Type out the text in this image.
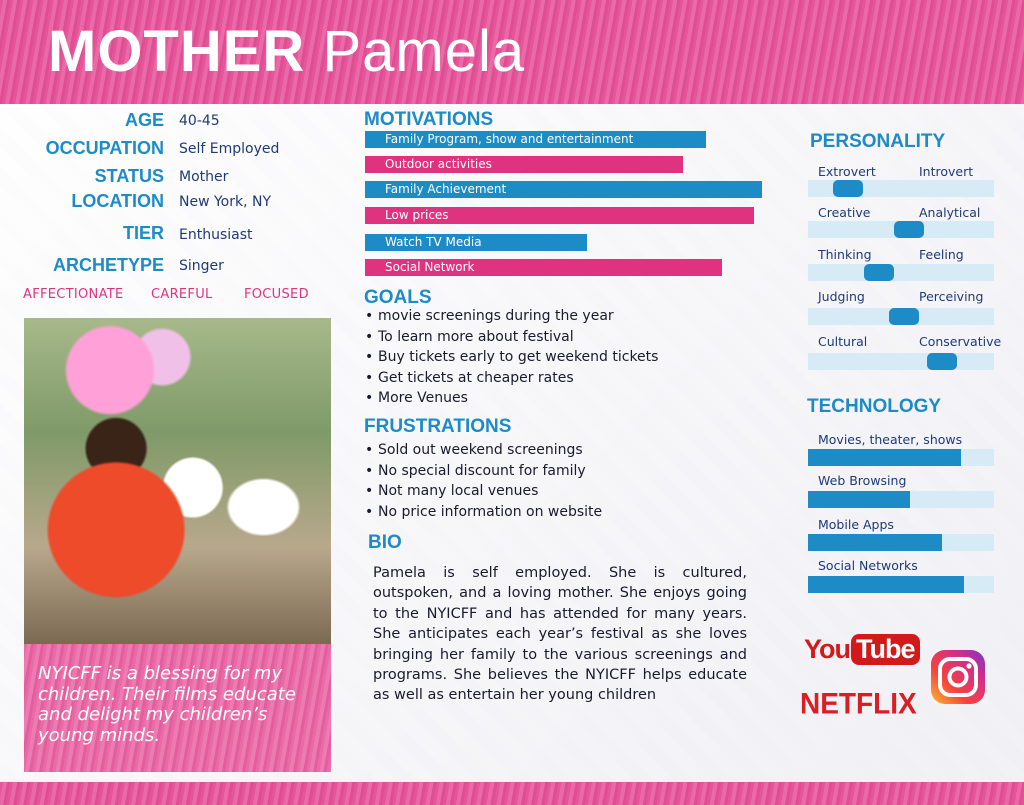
MOTHER Pamela
AGE 40-45
OCCUPATION Self Employed
STATUS Mother
LOCATION New York, NY
TIER Enthusiast
ARCHETYPE Singer
AFFECTIONATE CAREFUL FOCUSED
NYICFF is a blessing for my children. Their films educate and delight my children’s young minds.
MOTIVATIONS
Family Program, show and entertainment
Outdoor activities
Family Achievement
Low prices
Watch TV Media
Social Network
GOALS
• movie screenings during the year
• To learn more about festival
• Buy tickets early to get weekend tickets
• Get tickets at cheaper rates
• More Venues
FRUSTRATIONS
• Sold out weekend screenings
• No special discount for family
• Not many local venues
• No price information on website
BIO
Pamela is self employed. She is cultured, outspoken, and a loving mother. She enjoys going to the NYICFF and has attended for many years. She anticipates each year’s festival as she loves bringing her family to the various screenings and programs. She believes the NYICFF helps educate as well as entertain her young children
PERSONALITY
Extrovert	Introvert
Creative	Analytical
Thinking	Feeling
Judging	Perceiving
Cultural	Conservative
TECHNOLOGY
Movies, theater, shows
Web Browsing
Mobile Apps
Social Networks
You Tube
NETFLIX
